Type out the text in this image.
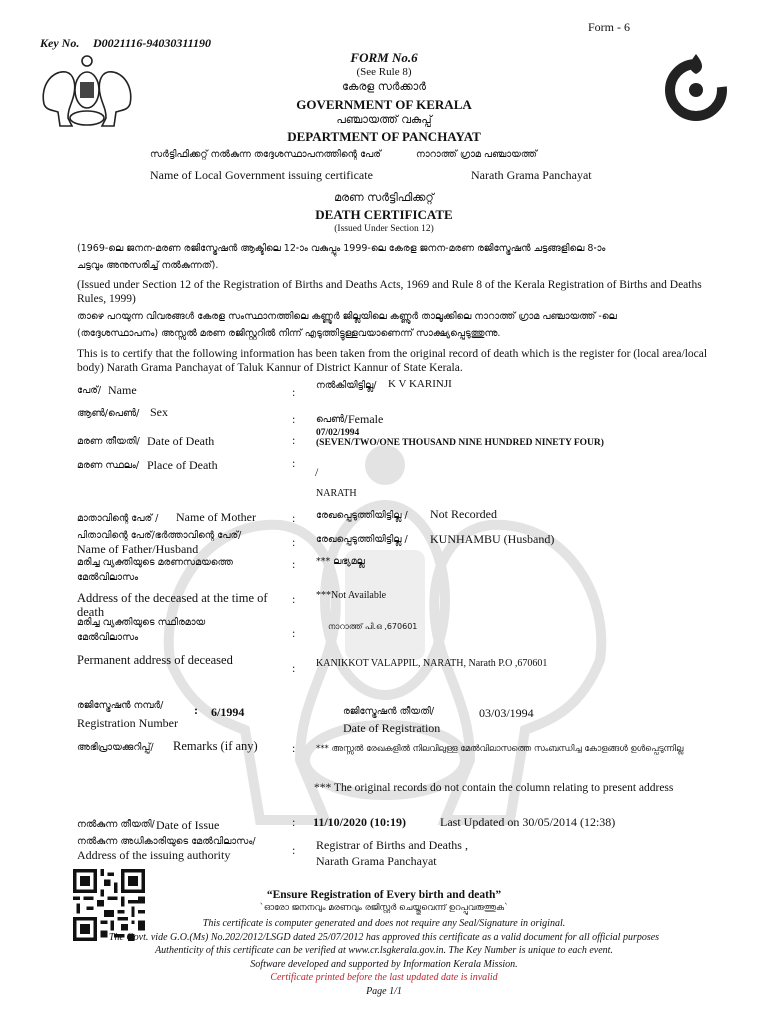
Form - 6
Key No. D0021116-94030311190
FORM No.6
(See Rule 8)
കേരള സർക്കാർ
GOVERNMENT OF KERALA
പഞ്ചായത്ത് വകുപ്പ്
DEPARTMENT OF PANCHAYAT
സർട്ടിഫിക്കറ്റ് നൽകുന്ന തദ്ദേശസ്ഥാപനത്തിന്റെ പേര്	നാറാത്ത് ഗ്രാമ പഞ്ചായത്ത്
Name of Local Government issuing certificate	Narath Grama Panchayat
മരണ സർട്ടിഫിക്കറ്റ്
DEATH CERTIFICATE
(Issued Under Section 12)
(1969-ലെ ജനന-മരണ രജിസ്ട്രേഷൻ ആക്ടിലെ 12-ാം വകുപ്പും 1999-ലെ കേരള ജനന-മരണ രജിസ്ട്രേഷൻ ചട്ടങ്ങളിലെ 8-ാം
ചട്ടവും അനുസരിച്ച് നൽകുന്നത്).
(Issued under Section 12 of the Registration of Births and Deaths Acts, 1969 and Rule 8 of the Kerala Registration of Births and Deaths
Rules, 1999)
താഴെ പറയുന്ന വിവരങ്ങൾ കേരള സംസ്ഥാനത്തിലെ കണ്ണൂർ ജില്ലയിലെ കണ്ണൂർ താലൂക്കിലെ നാറാത്ത് ഗ്രാമ പഞ്ചായത്ത് -ലെ
(തദ്ദേശസ്ഥാപനം) അസ്സൽ മരണ രജിസ്റ്ററിൽ നിന്ന് എടുത്തിട്ടുള്ളവയാണെന്ന് സാക്ഷ്യപ്പെടുത്തുന്നു.
This is to certify that the following information has been taken from the original record of death which is the register for (local area/local
body) Narath Grama Panchayat of Taluk Kannur of District Kannur of State Kerala.
പേര്/ Name	: നൽകിയിട്ടില്ല/ K V KARINJI
ആൺ/പെൺ/ Sex	: പെൺ/ Female
മരണ തീയതി/ Date of Death	: 07/02/1994
(SEVEN/TWO/ONE THOUSAND NINE HUNDRED NINETY FOUR)
മരണ സ്ഥലം/ Place of Death	:
/
NARATH
മാതാവിന്റെ പേര് / Name of Mother	: രേഖപ്പെടുത്തിയിട്ടില്ല / Not Recorded
പിതാവിന്റെ പേര്/ഭർത്താവിന്റെ പേര്/
Name of Father/Husband	: രേഖപ്പെടുത്തിയിട്ടില്ല / KUNHAMBU (Husband)
മരിച്ച വ്യക്തിയുടെ മരണസമയത്തെ
മേൽവിലാസം
: *** ലഭ്യമല്ല
Address of the deceased at the time of
death
: ***Not Available
മരിച്ച വ്യക്തിയുടെ സ്ഥിരമായ
മേൽവിലാസം	:	നാറാത്ത് പി.ഒ ,670601
Permanent address of deceased
: KANIKKOT VALAPPIL, NARATH, Narath P.O ,670601
രജിസ്ട്രേഷൻ നമ്പർ/	: 6/1994
Registration Number
രജിസ്ട്രേഷൻ തീയതി/	03/03/1994
Date of Registration
അഭിപ്രായക്കുറിപ്പ്/ Remarks (if any)	: *** അസ്സൽ രേഖകളിൽ നിലവിലുള്ള മേൽവിലാസത്തെ സംബന്ധിച്ച കോളങ്ങൾ ഉൾപ്പെടുന്നില്ല
*** The original records do not contain the column relating to present address
നൽകുന്ന തീയതി/ Date of Issue	: 11/10/2020 (10:19)	Last Updated on 30/05/2014 (12:38)
നൽകുന്ന അധികാരിയുടെ മേൽവിലാസം/
Address of the issuing authority	: Registrar of Births and Deaths ,
Narath Grama Panchayat
“Ensure Registration of Every birth and death”
`ഓരോ ജനനവും മരണവും രജിസ്റ്റർ ചെയ്തുവെന്ന് ഉറപ്പുവരുത്തുക`
This certificate is computer generated and does not require any Seal/Signature in original.
The Govt. vide G.O.(Ms) No.202/2012/LSGD dated 25/07/2012 has approved this certificate as a valid document for all official purposes
Authenticity of this certificate can be verified at www.cr.lsgkerala.gov.in. The Key Number is unique to each event.
Software developed and supported by Information Kerala Mission.
Certificate printed before the last updated date is invalid
Page 1/1
